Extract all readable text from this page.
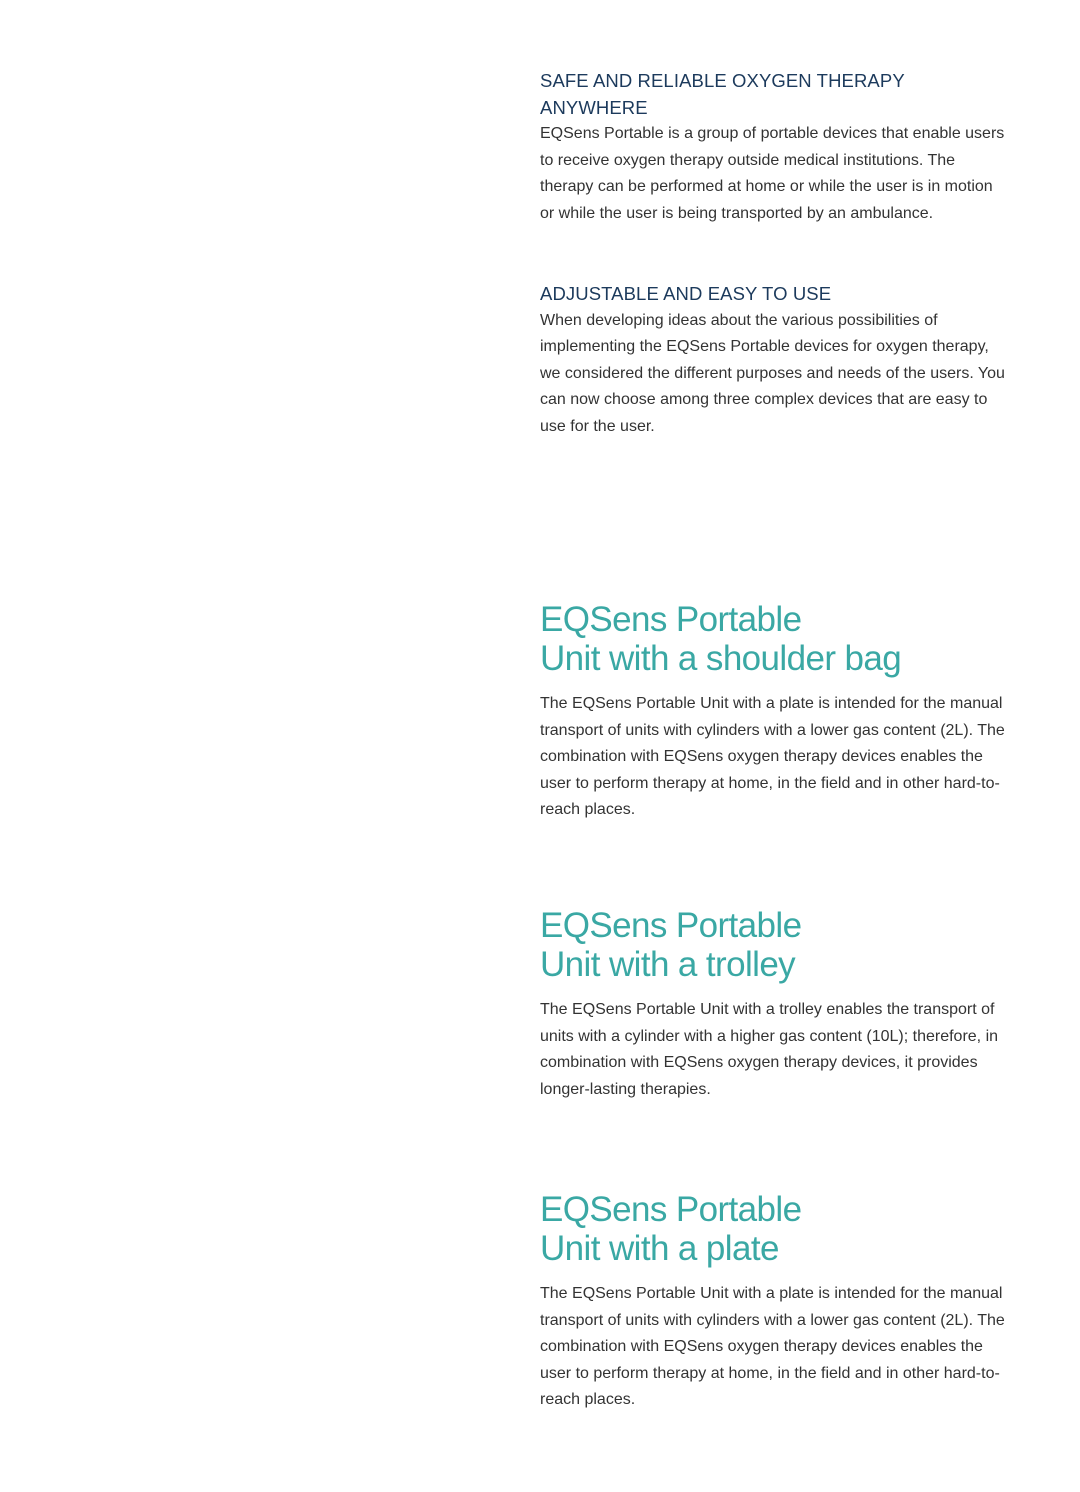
SAFE AND RELIABLE OXYGEN THERAPY ANYWHERE

EQSens Portable is a group of portable devices that enable users to receive oxygen therapy outside medical institutions. The therapy can be performed at home or while the user is in motion or while the user is being transported by an ambulance.

ADJUSTABLE AND EASY TO USE

When developing ideas about the various possibilities of implementing the EQSens Portable devices for oxygen therapy, we considered the different purposes and needs of the users. You can now choose among three complex devices that are easy to use for the user.

EQSens Portable
Unit with a shoulder bag

The EQSens Portable Unit with a plate is intended for the manual transport of units with cylinders with a lower gas content (2L). The combination with EQSens oxygen therapy devices enables the user to perform therapy at home, in the field and in other hard-to-reach places.

EQSens Portable
Unit with a trolley

The EQSens Portable Unit with a trolley enables the transport of units with a cylinder with a higher gas content (10L); therefore, in combination with EQSens oxygen therapy devices, it provides longer-lasting therapies.

EQSens Portable
Unit with a plate

The EQSens Portable Unit with a plate is intended for the manual transport of units with cylinders with a lower gas content (2L). The combination with EQSens oxygen therapy devices enables the user to perform therapy at home, in the field and in other hard-to-reach places.
